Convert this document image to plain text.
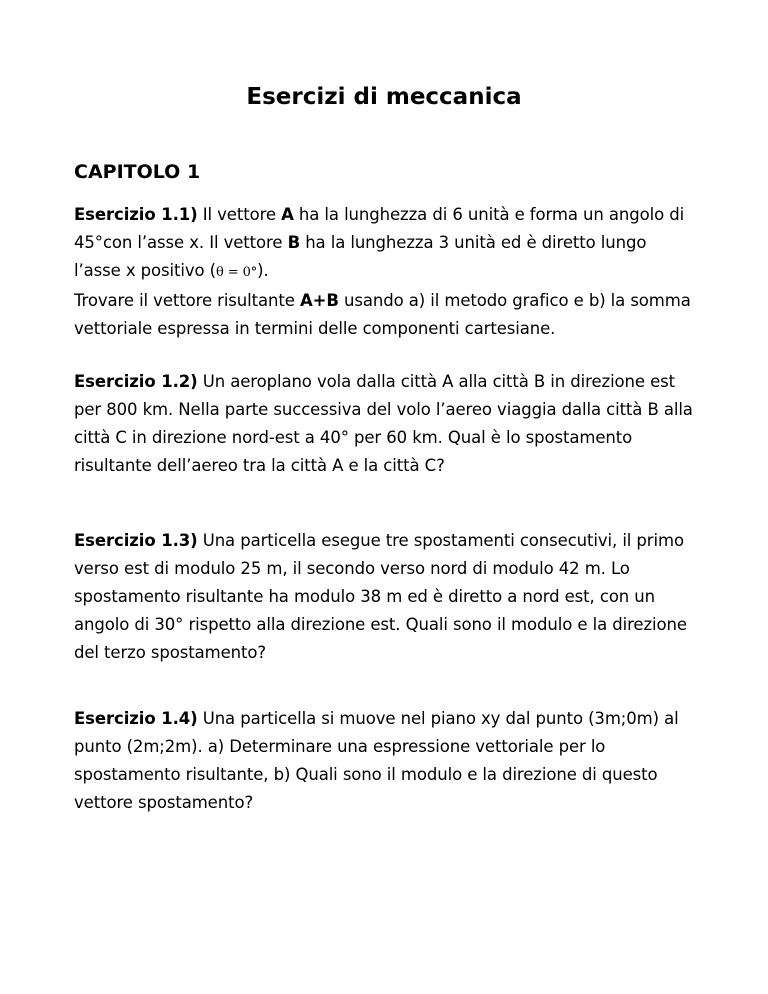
Esercizi di meccanica
CAPITOLO 1

Esercizio 1.1) Il vettore A ha la lunghezza di 6 unità e forma un angolo di 45°con l’asse x. Il vettore B ha la lunghezza 3 unità ed è diretto lungo l’asse x positivo (θ = 0°).
Trovare il vettore risultante A+B usando a) il metodo grafico e b) la somma vettoriale espressa in termini delle componenti cartesiane.

Esercizio 1.2) Un aeroplano vola dalla città A alla città B in direzione est per 800 km. Nella parte successiva del volo l’aereo viaggia dalla città B alla città C in direzione nord-est a 40° per 60 km. Qual è lo spostamento risultante dell’aereo tra la città A e la città C?

Esercizio 1.3) Una particella esegue tre spostamenti consecutivi, il primo verso est di modulo 25 m, il secondo verso nord di modulo 42 m. Lo spostamento risultante ha modulo 38 m ed è diretto a nord est, con un angolo di 30° rispetto alla direzione est. Quali sono il modulo e la direzione del terzo spostamento?

Esercizio 1.4) Una particella si muove nel piano xy dal punto (3m;0m) al punto (2m;2m). a) Determinare una espressione vettoriale per lo spostamento risultante, b) Quali sono il modulo e la direzione di questo vettore spostamento?
